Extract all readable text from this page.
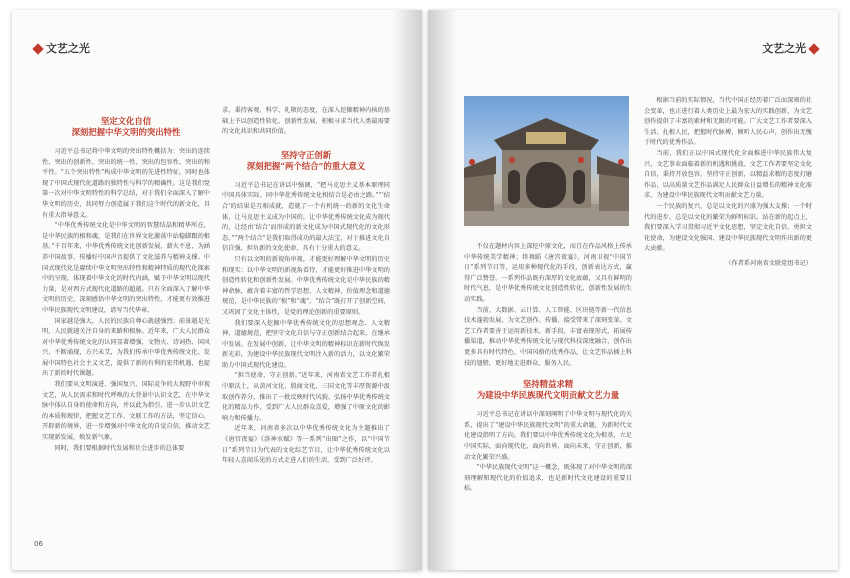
文艺之光
坚定文化自信
深刻把握中华文明的突出特性

习近平总书记将中华文明的突出特性概括为：突出的连续性、突出的创新性、突出的统一性、突出的包容性、突出的和平性。“五个突出特性”构成中华文明的先进性特征，同时也体现了中国式现代化道路的独特性与科学的精确性。这是我们党第一次对中华文明特性的科学总结，对于我们全面深入了解中华文明的历史，共同努力创造属于我们这个时代的新文化，具有重大指导意义。

“中华优秀传统文化是中华文明的智慧结晶和精华所在，是中华民族的根和魂，是我们在世界文化激荡中站稳脚跟的根基。”千百年来，中华优秀传统文化创新发展，薪火不息，为涵养中国故事、传播好中国声音提供了文化滋养与精神支撑。中国式现代化是赓续中华文明突出特性和精神特质的现代化探索中的呈现，体现着中华文化的时代内涵，赋予中华文明以现代力量，是对西方式现代化道路的超越。只有全面深入了解中华文明的历史，深刻感悟中华文明的突出特性，才能更有效推进中华民族现代文明建设，谱写当代华章。

国家越是强大，人民的民族自尊心就越强烈；前景越是光明，人民就越关注自身的来路和根脉。近年来，广大人民群众对中华优秀传统文化的认同显著增强，文物火、诗词热、国风兴，不断涌现，方兴未艾，为我们传承中华优秀传统文化、发展中国特色社会主义文艺，提供了新的有利的宏伟机遇，也提出了新的时代课题。

我们要从文明演进、强国复兴、国际竞争的大视野中审视文艺，从人民需求和时代呼唤的大背景中认识文艺，在中华文脉中体认自身的使命和方向，并以此为指引，进一步认识文艺的本质和规律，把握文艺工作、文联工作的方法，坚定信心，开辟新的境界，进一步增强对中华文化的自觉自信，推动文艺实现新发展，焕发新气象。

同时，我们要根据时代发展和社会进步的总体要

求，秉持客观、科学、礼敬的态度，在深入挖掘精神内核的基础上予以创造性转化、创新性发展，积极寻求当代人类最需要的文化共识和共同价值。

坚持守正创新
深刻把握“两个结合”的重大意义

习近平总书记在讲话中强调，“把马克思主义基本原理同中国具体实际、同中华优秀传统文化相结合是必由之路。”“‘结合’的结果是互相成就，造就了一个有机统一的新的文化生命体，让马克思主义成为中国的，让中华优秀传统文化成为现代的，让经由‘结合’而形成的新文化成为中国式现代化的文化形态。”“两个结合”是我们取得成功的最大法宝，对于推进文化自信自强、担负新的文化使命，具有十分重大的意义。

只有以文明的新视角审视，才能更好理解中华文明的历史和现实；以中华文明的新视角看待，才能更好推进中华文明的创造性转化和创新性发展。中华优秀传统文化是中华民族的精神命脉，蕴含着丰富的哲学思想、人文精神、价值理念和道德规范，是中华民族的“根”和“魂”。“结合”既打开了创新空间，又巩固了文化主体性，是党的理论创新的重要原则。

我们要深入挖掘中华优秀传统文化的思想观念、人文精神、道德规范，把坚守文化自信与守正创新结合起来，在继承中发展、在发展中创新，让中华文明的精神标识在新时代焕发新光彩，为建设中华民族现代文明注入新的活力，以文化繁荣助力中国式现代化建设。

“担当使命，守正创新。”近年来，河南省文艺工作者扎根中原沃土，从黄河文化、殷商文化、三国文化等丰厚资源中汲取创作养分，推出了一批反映时代风貌、弘扬中华优秀传统文化的精品力作，受到广大人民群众喜爱，增强了中原文化的影响力和传播力。

近年来，河南省多次以中华优秀传统文化为主题推出了《唐宫夜宴》《洛神水赋》等一系列“出圈”之作，以“中国节日”系列节目为代表的文化综艺节目，让中华优秀传统文化以年轻人喜闻乐见的方式走进人们的生活，受到广泛好评。

06
文艺之光

不仅在题材内容上深挖中原文化，而且在作品风格上传承中华传统美学精神；将舞蹈《唐宫夜宴》、河南卫视“中国节日”系列节目等，运用多种现代化的手段，创新表达方式，赢得广泛赞誉。一系列作品既有深厚的文化底蕴，又具有鲜明的时代气息，是中华优秀传统文化创造性转化、创新性发展的生动实践。

当前，大数据、云计算、人工智能、区块链等新一代信息技术蓬勃发展，为文艺创作、传播、接受带来了深刻变革。文艺工作者要善于运用新技术、新手段，丰富表现形式，拓展传播渠道，推动中华优秀传统文化与现代科技深度融合，创作出更多具有时代特色、中国风格的优秀作品，让文艺作品插上科技的翅膀，更好地走进群众、服务人民。

坚持精益求精
为建设中华民族现代文明贡献文艺力量

习近平总书记在讲话中深刻阐明了中华文明与现代化的关系，提出了“建设中华民族现代文明”的重大命题，为新时代文化建设指明了方向。我们要以中华优秀传统文化为根基，立足中国实际，面向现代化、面向世界、面向未来，守正创新，推动文化繁荣兴盛。

“中华民族现代文明”这一概念，既体现了对中华文明的深刻理解和现代化的价值追求，也是新时代文化建设的重要目标。

根据当前的实际情况，当代中国正经历着广泛而深刻的社会变革，也正进行着人类历史上最为宏大的实践创新，为文艺创作提供了丰富的素材和无限的可能。广大文艺工作者要深入生活、扎根人民，把握时代脉搏，倾听人民心声，创作出无愧于时代的优秀作品。

当前，我们正以中国式现代化全面推进中华民族伟大复兴，文艺事业面临着新的机遇和挑战。文艺工作者要坚定文化自信，秉持开放包容，坚持守正创新，以精益求精的态度打磨作品，以高质量文艺作品满足人民群众日益增长的精神文化需求，为建设中华民族现代文明贡献文艺力量。

一个民族的复兴，总是以文化的兴盛为强大支撑；一个时代的进步，总是以文化的繁荣为鲜明标识。站在新的起点上，我们要深入学习贯彻习近平文化思想，坚定文化自信，勇担文化使命，为建设文化强国、建设中华民族现代文明作出新的更大贡献。

（作者系河南省文联党组书记）
